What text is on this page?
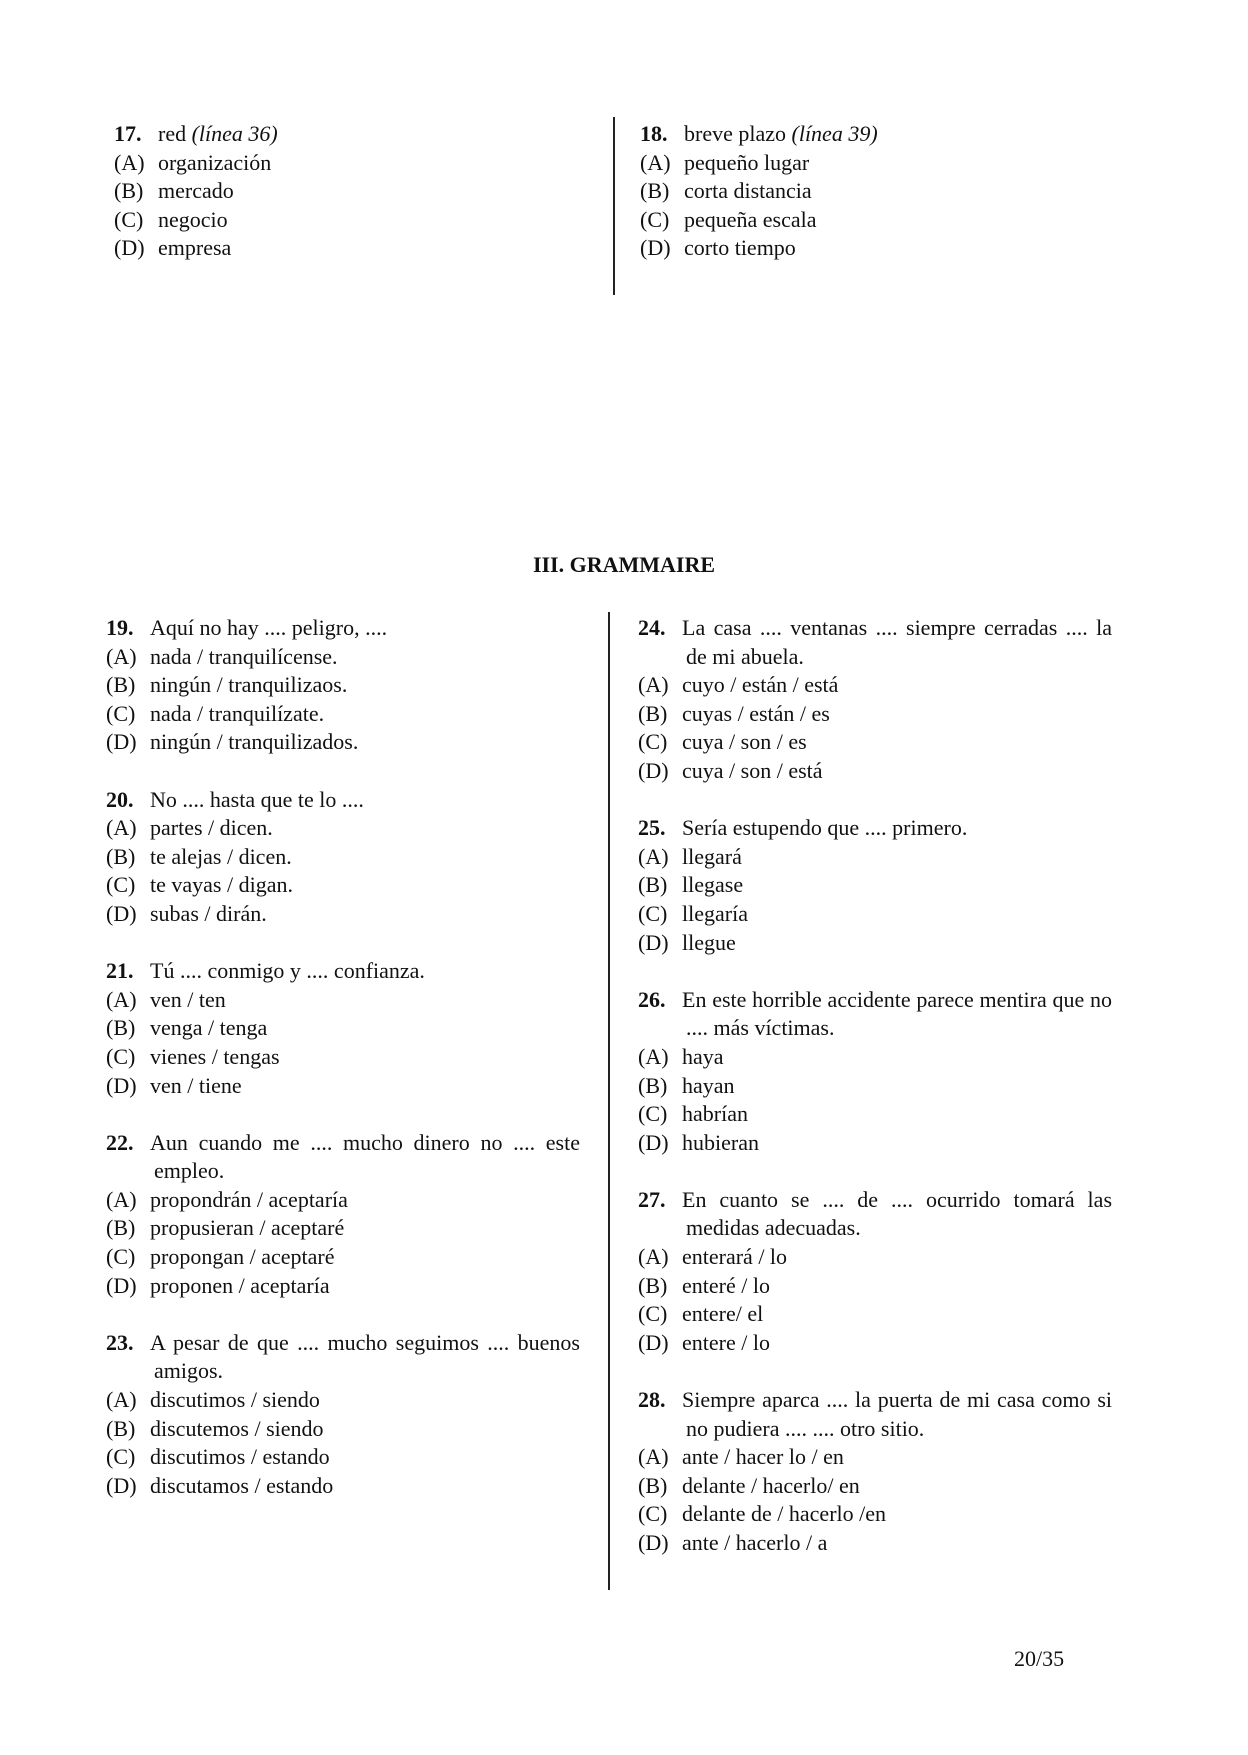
17. red (línea 36)

(A) organización

(B) mercado

(C) negocio

(D) empresa

18. breve plazo (línea 39)

(A) pequeño lugar

(B) corta distancia

(C) pequeña escala

(D) corto tiempo

III. GRAMMAIRE

19. Aquí no hay .... peligro, ....

(A) nada / tranquilícense.

(B) ningún / tranquilizaos.

(C) nada / tranquilízate.

(D) ningún / tranquilizados.

20. No .... hasta que te lo ....

(A) partes / dicen.

(B) te alejas / dicen.

(C) te vayas / digan.

(D) subas / dirán.

21. Tú .... conmigo y .... confianza.

(A) ven / ten

(B) venga / tenga

(C) vienes / tengas

(D) ven / tiene

22. Aun cuando me .... mucho dinero no .... este empleo.

(A) propondrán / aceptaría

(B) propusieran / aceptaré

(C) propongan / aceptaré

(D) proponen / aceptaría

23. A pesar de que .... mucho seguimos .... buenos amigos.

(A) discutimos / siendo

(B) discutemos / siendo

(C) discutimos / estando

(D) discutamos / estando

24. La casa .... ventanas .... siempre cerradas .... la de mi abuela.

(A) cuyo / están / está

(B) cuyas / están / es

(C) cuya / son / es

(D) cuya / son / está

25. Sería estupendo que .... primero.

(A) llegará

(B) llegase

(C) llegaría

(D) llegue

26. En este horrible accidente parece mentira que no .... más víctimas.

(A) haya

(B) hayan

(C) habrían

(D) hubieran

27. En cuanto se .... de .... ocurrido tomará las medidas adecuadas.

(A) enterará / lo

(B) enteré / lo

(C) entere/ el

(D) entere / lo

28. Siempre aparca .... la puerta de mi casa como si no pudiera .... .... otro sitio.

(A) ante / hacer lo / en

(B) delante / hacerlo/ en

(C) delante de / hacerlo /en

(D) ante / hacerlo / a

20/35
